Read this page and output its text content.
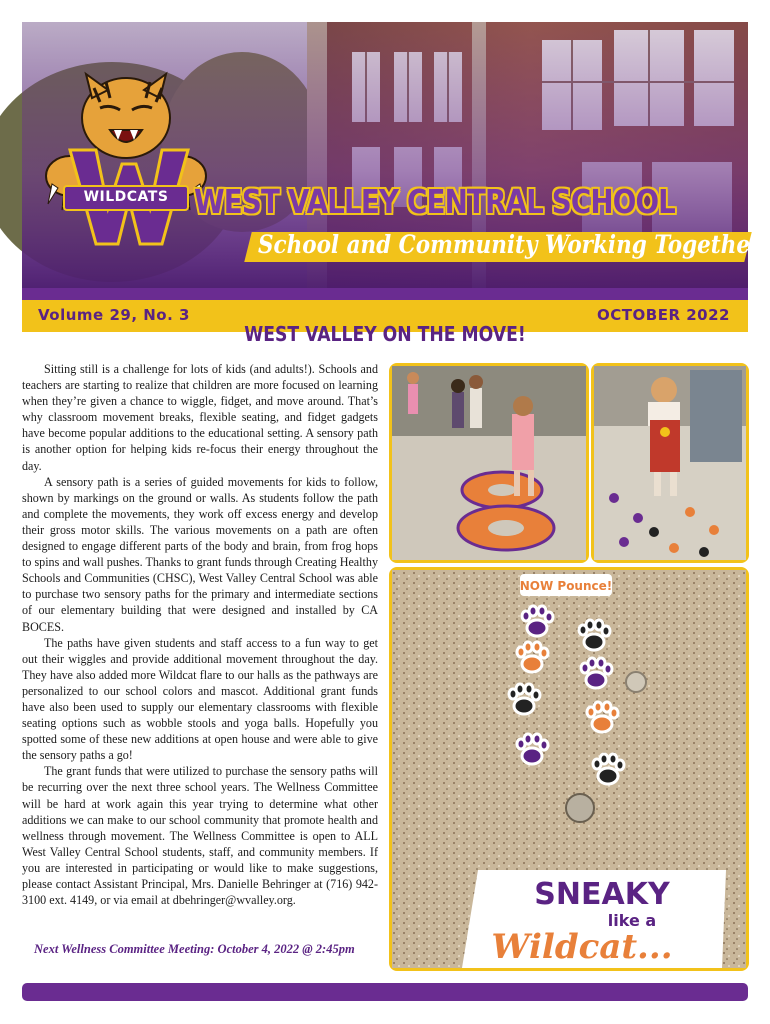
WILDCATS WEST VALLEY CENTRAL SCHOOL
School and Community Working Together
Volume 29, No. 3	OCTOBER 2022
WEST VALLEY ON THE MOVE!

Sitting still is a challenge for lots of kids (and adults!). Schools and teachers are starting to realize that children are more focused on learning when they’re given a chance to wiggle, fidget, and move around. That’s why classroom movement breaks, flexible seating, and fidget gadgets have become popular additions to the educational setting. A sensory path is another option for helping kids re-focus their energy throughout the day.

A sensory path is a series of guided movements for kids to follow, shown by markings on the ground or walls. As students follow the path and complete the movements, they work off excess energy and develop their gross motor skills. The various movements on a path are often designed to engage different parts of the body and brain, from frog hops to spins and wall pushes. Thanks to grant funds through Creating Healthy Schools and Communities (CHSC), West Valley Central School was able to purchase two sensory paths for the primary and intermediate sections of our elementary building that were designed and installed by CA BOCES.

The paths have given students and staff access to a fun way to get out their wiggles and provide additional movement throughout the day. They have also added more Wildcat flare to our halls as the pathways are personalized to our school colors and mascot. Additional grant funds have also been used to supply our elementary classrooms with flexible seating options such as wobble stools and yoga balls. Hopefully you spotted some of these new additions at open house and were able to give the sensory paths a go!

The grant funds that were utilized to purchase the sensory paths will be recurring over the next three school years. The Wellness Committee will be hard at work again this year trying to determine what other additions we can make to our school community that promote health and wellness through movement. The Wellness Committee is open to ALL West Valley Central School students, staff, and community members. If you are interested in participating or would like to make suggestions, please contact Assistant Principal, Mrs. Danielle Behringer at (716) 942-3100 ext. 4149, or via email at dbehringer@wvalley.org.

Next Wellness Committee Meeting: October 4, 2022 @ 2:45pm
NOW Pounce!
SNEAKY
like a
Wildcat...
